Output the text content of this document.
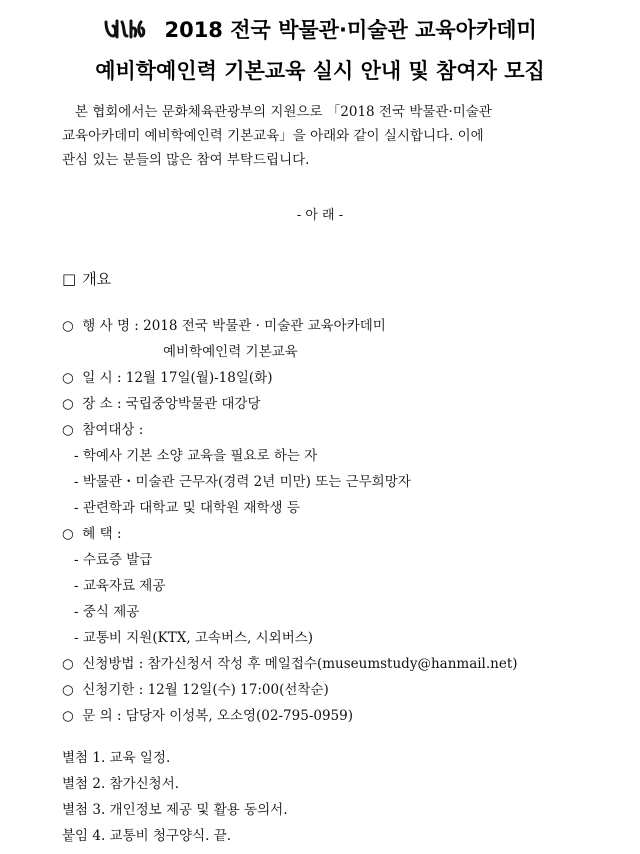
2018 전국 박물관·미술관 교육아카데미
예비학예인력 기본교육 실시 안내 및 참여자 모집
본 협회에서는 문화체육관광부의 지원으로 「2018 전국 박물관·미술관
교육아카데미 예비학예인력 기본교육」을 아래와 같이 실시합니다. 이에
관심 있는 분들의 많은 참여 부탁드립니다.
- 아 래 -
□ 개요
○ 행 사 명 : 2018 전국 박물관 · 미술관 교육아카데미
예비학예인력 기본교육
○ 일 시 : 12월 17일(월)-18일(화)
○ 장 소 : 국립중앙박물관 대강당
○ 참여대상 :
- 학예사 기본 소양 교육을 필요로 하는 자
- 박물관・미술관 근무자(경력 2년 미만) 또는 근무희망자
- 관련학과 대학교 및 대학원 재학생 등
○ 혜 택 :
- 수료증 발급
- 교육자료 제공
- 중식 제공
- 교통비 지원(KTX, 고속버스, 시외버스)
○ 신청방법 : 참가신청서 작성 후 메일접수(museumstudy@hanmail.net)
○ 신청기한 : 12월 12일(수) 17:00(선착순)
○ 문 의 : 담당자 이성복, 오소영(02-795-0959)
별첨 1. 교육 일정.
별첨 2. 참가신청서.
별첨 3. 개인정보 제공 및 활용 동의서.
붙임 4. 교통비 청구양식. 끝.
